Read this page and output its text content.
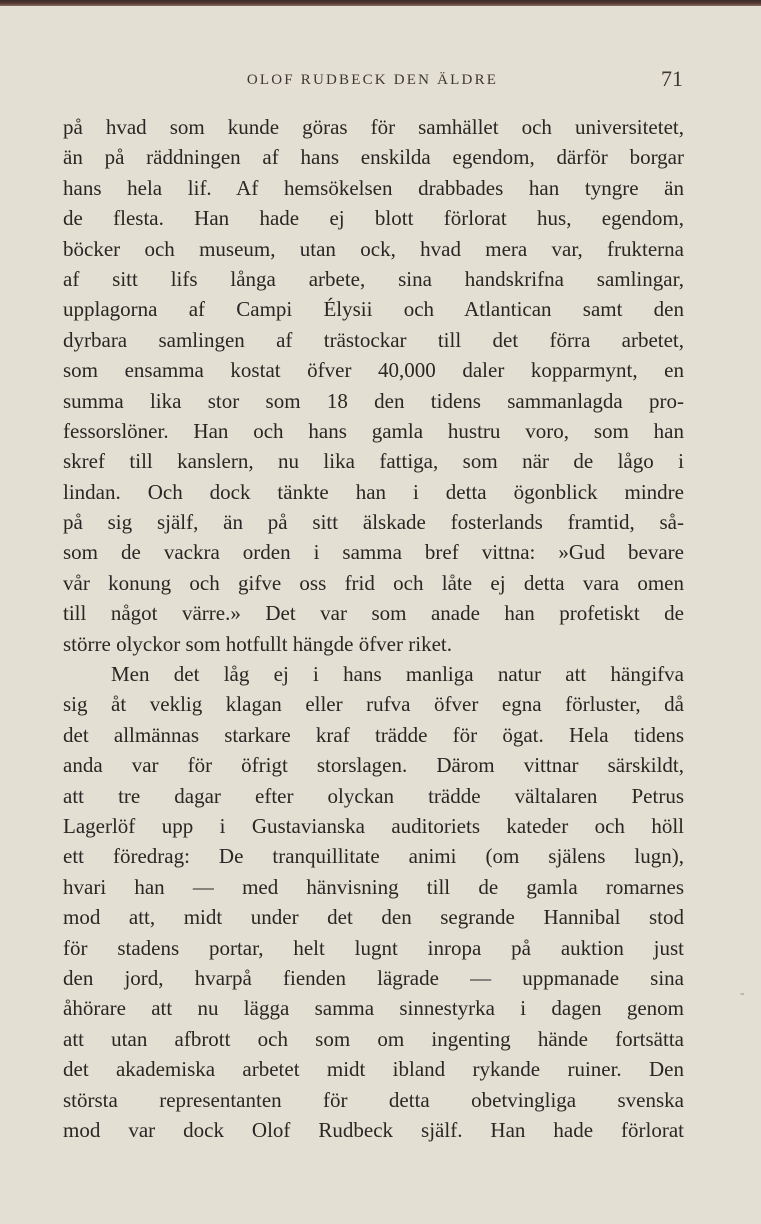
OLOF RUDBECK DEN ÄLDRE	71
på hvad som kunde göras för samhället och universitetet,
än på räddningen af hans enskilda egendom, därför borgar
hans hela lif. Af hemsökelsen drabbades han tyngre än
de flesta. Han hade ej blott förlorat hus, egendom,
böcker och museum, utan ock, hvad mera var, frukterna
af sitt lifs långa arbete, sina handskrifna samlingar,
upplagorna af Campi Élysii och Atlantican samt den
dyrbara samlingen af trästockar till det förra arbetet,
som ensamma kostat öfver 40,000 daler kopparmynt, en
summa lika stor som 18 den tidens sammanlagda pro-
fessorslöner. Han och hans gamla hustru voro, som han
skref till kanslern, nu lika fattiga, som när de lågo i
lindan. Och dock tänkte han i detta ögonblick mindre
på sig själf, än på sitt älskade fosterlands framtid, så-
som de vackra orden i samma bref vittna: »Gud bevare
vår konung och gifve oss frid och låte ej detta vara omen
till något värre.» Det var som anade han profetiskt de
större olyckor som hotfullt hängde öfver riket.
Men det låg ej i hans manliga natur att hängifva
sig åt veklig klagan eller rufva öfver egna förluster, då
det allmännas starkare kraf trädde för ögat. Hela tidens
anda var för öfrigt storslagen. Därom vittnar särskildt,
att tre dagar efter olyckan trädde vältalaren Petrus
Lagerlöf upp i Gustavianska auditoriets kateder och höll
ett föredrag: De tranquillitate animi (om själens lugn),
hvari han — med hänvisning till de gamla romarnes
mod att, midt under det den segrande Hannibal stod
för stadens portar, helt lugnt inropa på auktion just
den jord, hvarpå fienden lägrade — uppmanade sina
åhörare att nu lägga samma sinnestyrka i dagen genom
att utan afbrott och som om ingenting hände fortsätta
det akademiska arbetet midt ibland rykande ruiner. Den
största representanten för detta obetvingliga svenska
mod var dock Olof Rudbeck själf. Han hade förlorat
-
